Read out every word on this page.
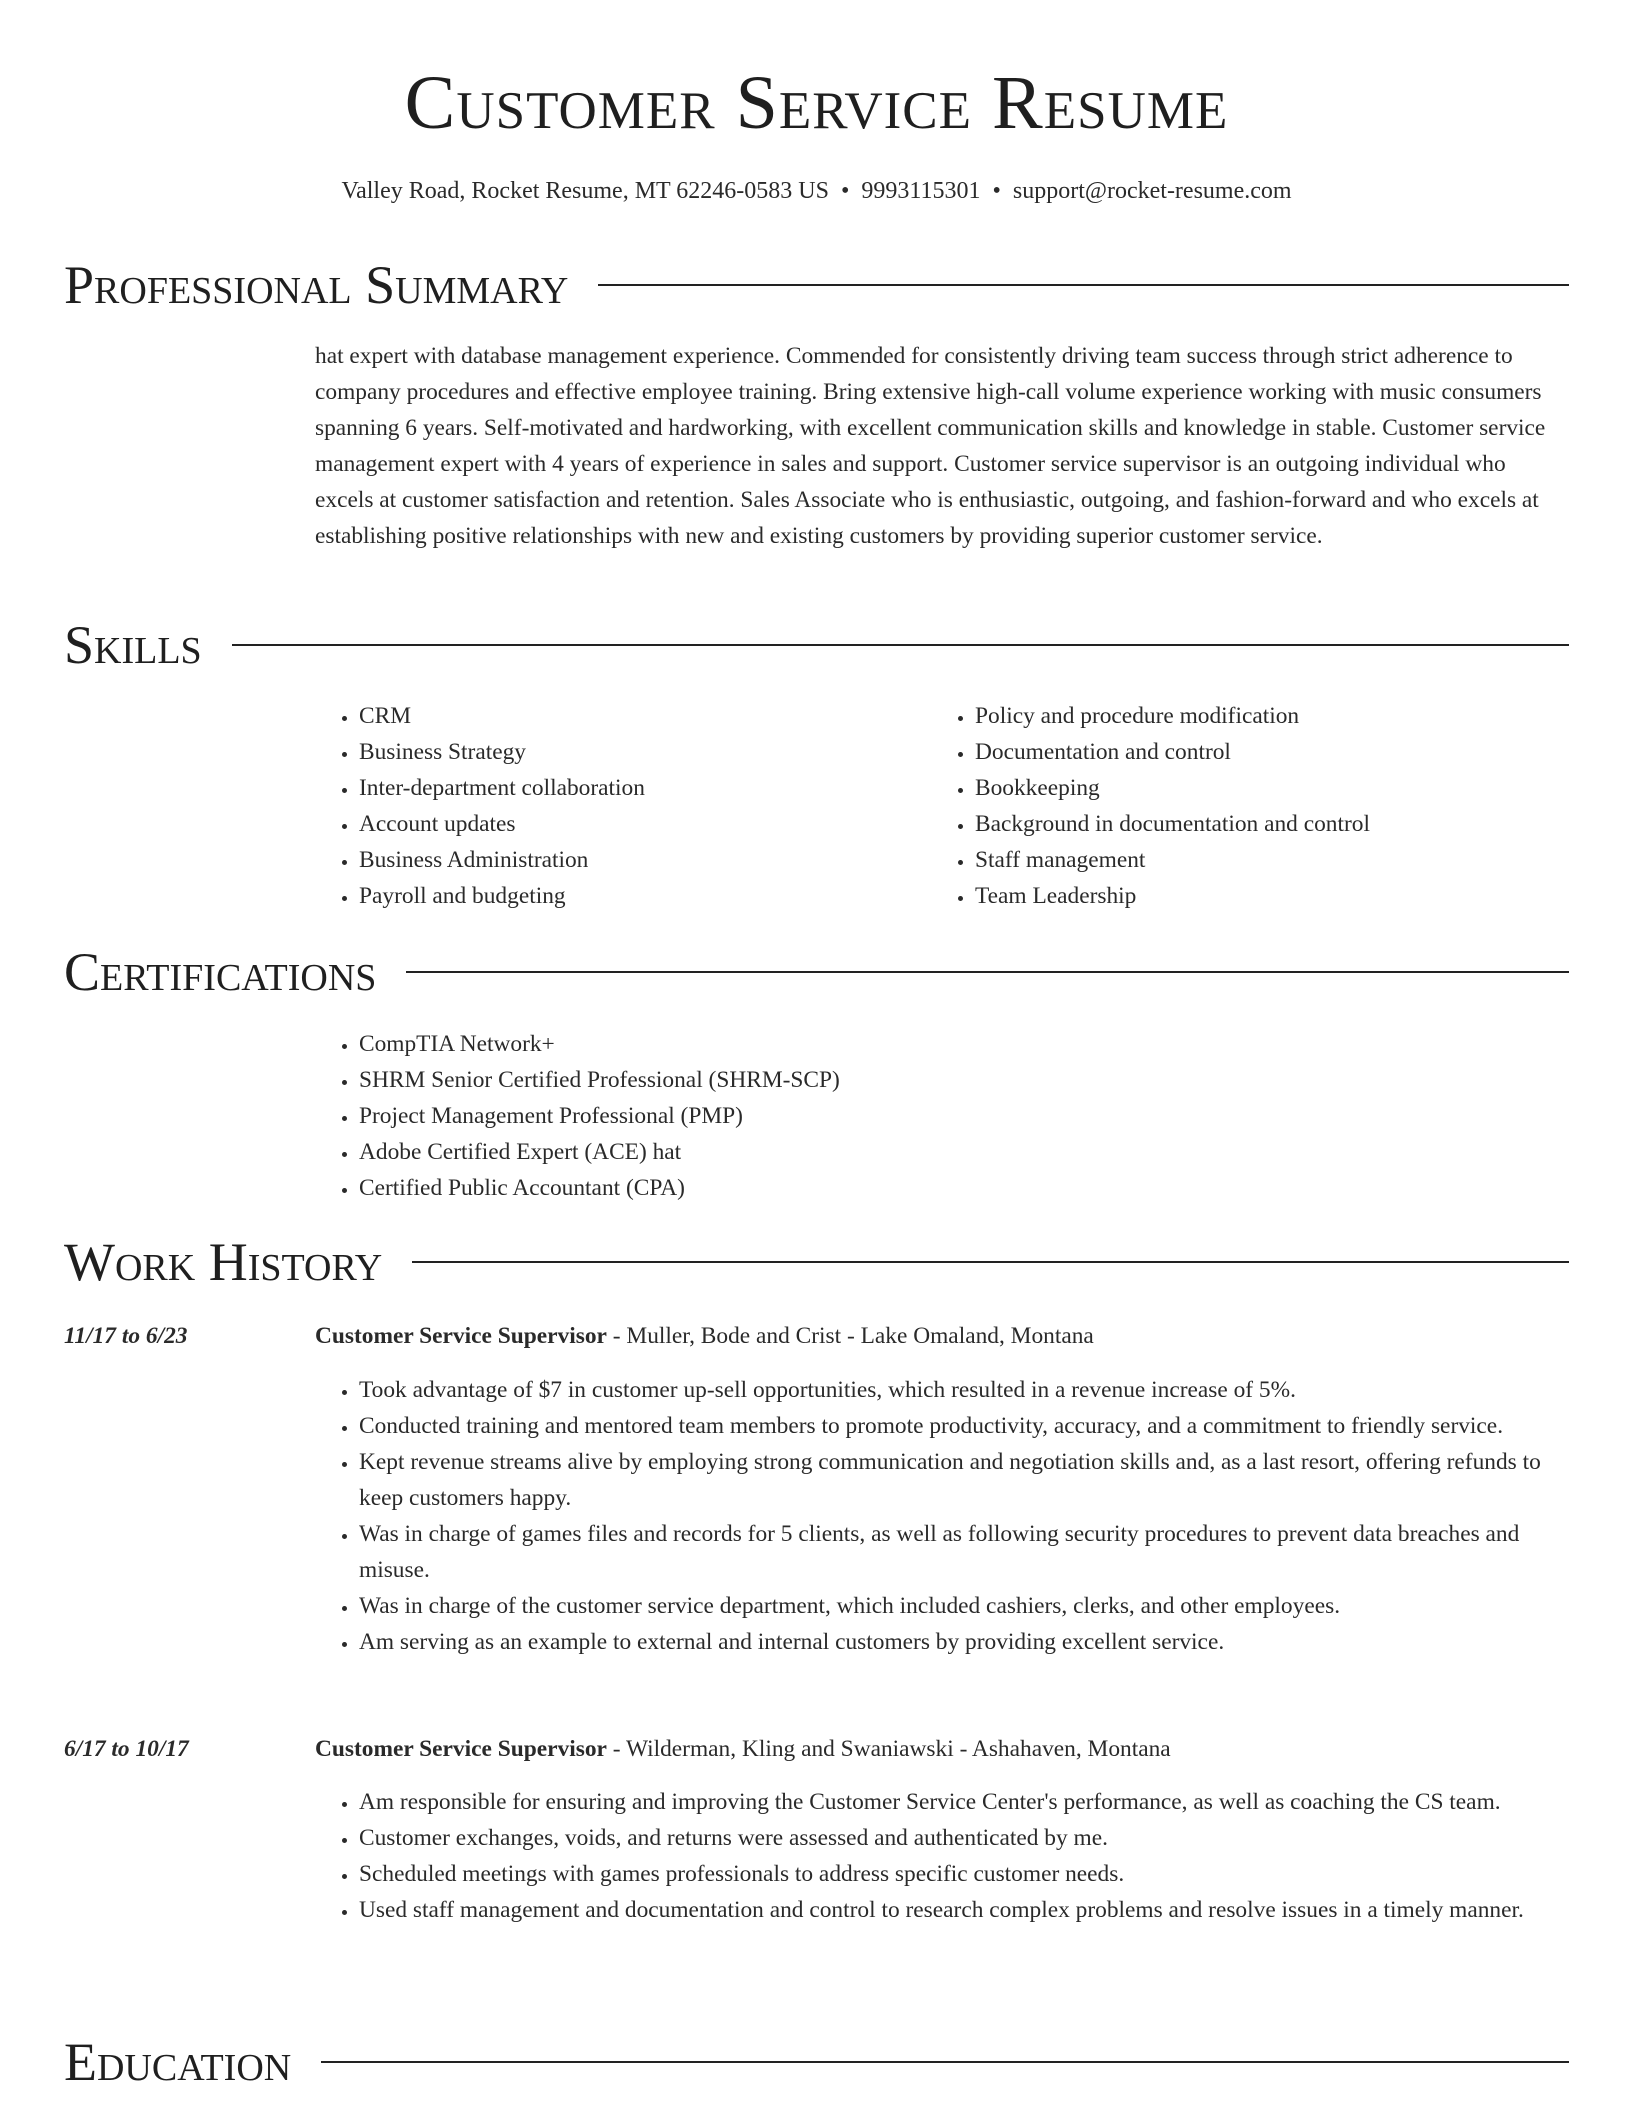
Customer Service Resume
Valley Road, Rocket Resume, MT 62246-0583 US • 9993115301 • support@rocket-resume.com
Professional Summary
hat expert with database management experience. Commended for consistently driving team success through strict adherence to company procedures and effective employee training. Bring extensive high-call volume experience working with music consumers spanning 6 years. Self-motivated and hardworking, with excellent communication skills and knowledge in stable. Customer service management expert with 4 years of experience in sales and support. Customer service supervisor is an outgoing individual who excels at customer satisfaction and retention. Sales Associate who is enthusiastic, outgoing, and fashion-forward and who excels at establishing positive relationships with new and existing customers by providing superior customer service.
Skills
• CRM
• Business Strategy
• Inter-department collaboration
• Account updates
• Business Administration
• Payroll and budgeting
• Policy and procedure modification
• Documentation and control
• Bookkeeping
• Background in documentation and control
• Staff management
• Team Leadership
Certifications
• CompTIA Network+
• SHRM Senior Certified Professional (SHRM-SCP)
• Project Management Professional (PMP)
• Adobe Certified Expert (ACE) hat
• Certified Public Accountant (CPA)
Work History
11/17 to 6/23	Customer Service Supervisor - Muller, Bode and Crist - Lake Omaland, Montana
• Took advantage of $7 in customer up-sell opportunities, which resulted in a revenue increase of 5%.
• Conducted training and mentored team members to promote productivity, accuracy, and a commitment to friendly service.
• Kept revenue streams alive by employing strong communication and negotiation skills and, as a last resort, offering refunds to keep customers happy.
• Was in charge of games files and records for 5 clients, as well as following security procedures to prevent data breaches and misuse.
• Was in charge of the customer service department, which included cashiers, clerks, and other employees.
• Am serving as an example to external and internal customers by providing excellent service.
6/17 to 10/17	Customer Service Supervisor - Wilderman, Kling and Swaniawski - Ashahaven, Montana
• Am responsible for ensuring and improving the Customer Service Center's performance, as well as coaching the CS team.
• Customer exchanges, voids, and returns were assessed and authenticated by me.
• Scheduled meetings with games professionals to address specific customer needs.
• Used staff management and documentation and control to research complex problems and resolve issues in a timely manner.
Education
